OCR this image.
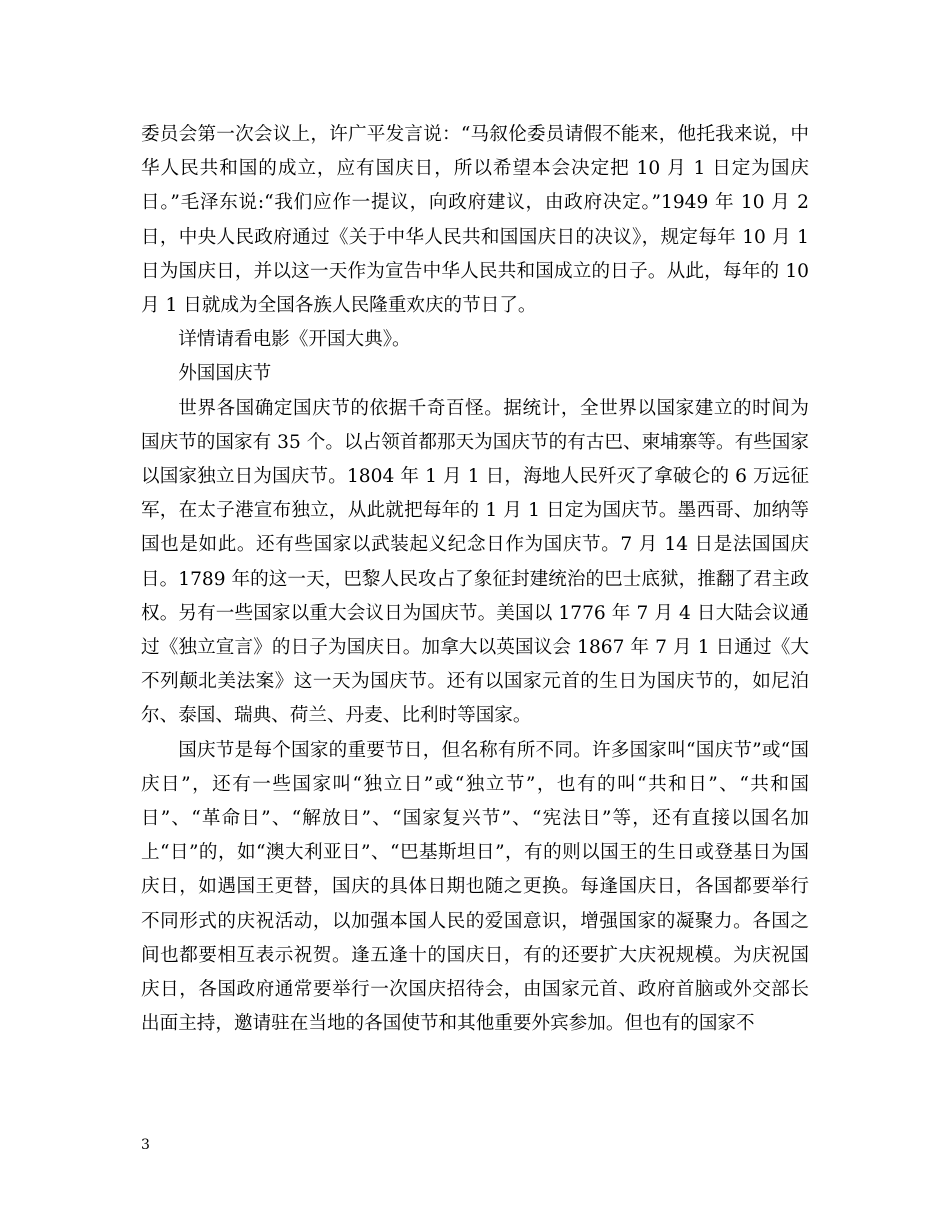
委员会第一次会议上，许广平发言说：“马叙伦委员请假不能来，他托我来说，中华人民共和国的成立，应有国庆日，所以希望本会决定把 10 月 1 日定为国庆日。”毛泽东说:“我们应作一提议，向政府建议，由政府决定。”1949 年 10 月 2 日，中央人民政府通过《关于中华人民共和国国庆日的决议》，规定每年 10 月 1 日为国庆日，并以这一天作为宣告中华人民共和国成立的日子。从此，每年的 10 月 1 日就成为全国各族人民隆重欢庆的节日了。

详情请看电影《开国大典》。

外国国庆节

世界各国确定国庆节的依据千奇百怪。据统计，全世界以国家建立的时间为国庆节的国家有 35 个。以占领首都那天为国庆节的有古巴、柬埔寨等。有些国家以国家独立日为国庆节。1804 年 1 月 1 日，海地人民歼灭了拿破仑的 6 万远征军，在太子港宣布独立，从此就把每年的 1 月 1 日定为国庆节。墨西哥、加纳等国也是如此。还有些国家以武装起义纪念日作为国庆节。7 月 14 日是法国国庆日。1789 年的这一天，巴黎人民攻占了象征封建统治的巴士底狱，推翻了君主政权。另有一些国家以重大会议日为国庆节。美国以 1776 年 7 月 4 日大陆会议通过《独立宣言》的日子为国庆日。加拿大以英国议会 1867 年 7 月 1 日通过《大不列颠北美法案》这一天为国庆节。还有以国家元首的生日为国庆节的，如尼泊尔、泰国、瑞典、荷兰、丹麦、比利时等国家。

国庆节是每个国家的重要节日，但名称有所不同。许多国家叫“国庆节”或“国庆日”，还有一些国家叫“独立日”或“独立节”，也有的叫“共和日”、“共和国日”、“革命日”、“解放日”、“国家复兴节”、“宪法日”等，还有直接以国名加上“日”的，如“澳大利亚日”、“巴基斯坦日”，有的则以国王的生日或登基日为国庆日，如遇国王更替，国庆的具体日期也随之更换。每逢国庆日，各国都要举行不同形式的庆祝活动，以加强本国人民的爱国意识，增强国家的凝聚力。各国之间也都要相互表示祝贺。逢五逢十的国庆日，有的还要扩大庆祝规模。为庆祝国庆日，各国政府通常要举行一次国庆招待会，由国家元首、政府首脑或外交部长出面主持，邀请驻在当地的各国使节和其他重要外宾参加。但也有的国家不

3
